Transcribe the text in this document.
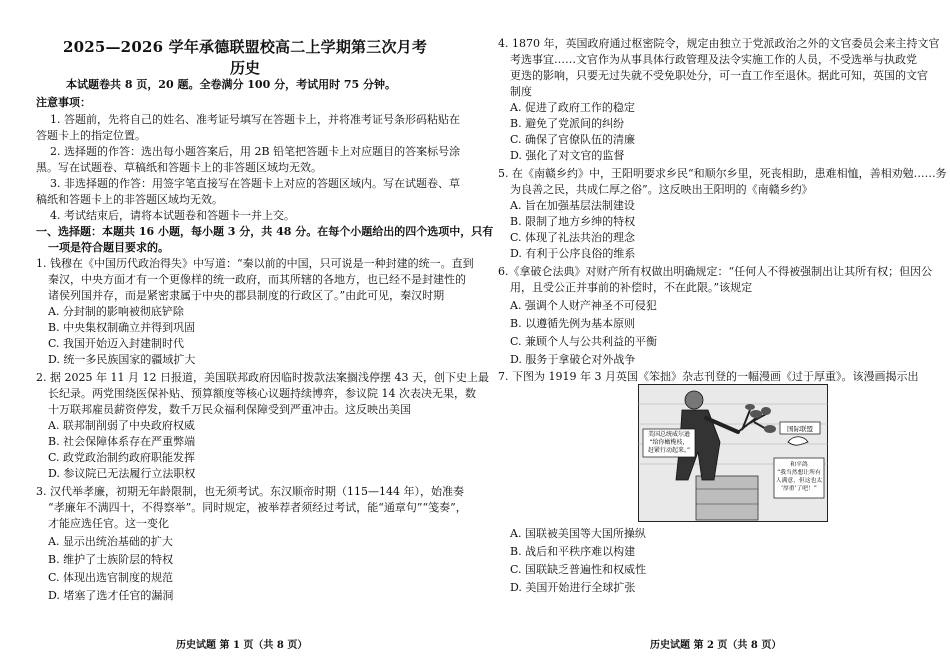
2025—2026 学年承德联盟校高二上学期第三次月考
历史
本试题卷共 8 页，20 题。全卷满分 100 分，考试用时 75 分钟。
注意事项：
1. 答题前，先将自己的姓名、准考证号填写在答题卡上，并将准考证号条形码粘贴在
答题卡上的指定位置。
2. 选择题的作答：选出每小题答案后，用 2B 铅笔把答题卡上对应题目的答案标号涂
黑。写在试题卷、草稿纸和答题卡上的非答题区域均无效。
3. 非选择题的作答：用签字笔直接写在答题卡上对应的答题区域内。写在试题卷、草
稿纸和答题卡上的非答题区域均无效。
4. 考试结束后，请将本试题卷和答题卡一并上交。
一、选择题：本题共 16 小题，每小题 3 分，共 48 分。在每个小题给出的四个选项中，只有
一项是符合题目要求的。
1. 钱穆在《中国历代政治得失》中写道：“秦以前的中国，只可说是一种封建的统一。直到
秦汉，中央方面才有一个更像样的统一政府，而其所辖的各地方，也已经不是封建性的
诸侯列国并存，而是紧密隶属于中央的郡县制度的行政区了。”由此可见，秦汉时期
A. 分封制的影响被彻底铲除
B. 中央集权制确立并得到巩固
C. 我国开始迈入封建制时代
D. 统一多民族国家的疆域扩大
2. 据 2025 年 11 月 12 日报道，美国联邦政府因临时拨款法案搁浅停摆 43 天，创下史上最
长纪录。两党围绕医保补贴、预算额度等核心议题持续博弈，参议院 14 次表决无果，数
十万联邦雇员薪资停发，数千万民众福利保障受到严重冲击。这反映出美国
A. 联邦制削弱了中央政府权威
B. 社会保障体系存在严重弊端
C. 政党政治制约政府职能发挥
D. 参议院已无法履行立法职权
3. 汉代举孝廉，初期无年龄限制，也无须考试。东汉顺帝时期（115—144 年），始准奏
“孝廉年不满四十，不得察举”。同时规定，被举荐者须经过考试，能“通章句”“笺奏”，
才能应选任官。这一变化
A. 显示出统治基础的扩大
B. 维护了士族阶层的特权
C. 体现出选官制度的规范
D. 堵塞了选才任官的漏洞
4. 1870 年，英国政府通过枢密院令，规定由独立于党派政治之外的文官委员会来主持文官
考选事宜……文官作为从事具体行政管理及法令实施工作的人员，不受选举与执政党
更迭的影响，只要无过失就不受免职处分，可一直工作至退休。据此可知，英国的文官
制度
A. 促进了政府工作的稳定
B. 避免了党派间的纠纷
C. 确保了官僚队伍的清廉
D. 强化了对文官的监督
5. 在《南赣乡约》中，王阳明要求乡民“和顺尔乡里，死丧相助，患难相恤，善相劝勉……务
为良善之民，共成仁厚之俗”。这反映出王阳明的《南赣乡约》
A. 旨在加强基层法制建设
B. 限制了地方乡绅的特权
C. 体现了礼法共治的理念
D. 有利于公序良俗的维系
6.《拿破仑法典》对财产所有权做出明确规定：“任何人不得被强制出让其所有权；但因公
用，且受公正并事前的补偿时，不在此限。”该规定
A. 强调个人财产神圣不可侵犯
B. 以遵循先例为基本原则
C. 兼顾个人与公共利益的平衡
D. 服务于拿破仑对外战争
7. 下图为 1919 年 3 月英国《笨拙》杂志刊登的一幅漫画《过于厚重》。该漫画揭示出
A. 国联被美国等大国所操纵
B. 战后和平秩序难以构建
C. 国联缺乏普遍性和权威性
D. 美国开始进行全球扩张
美国总统威尔逊
“给你橄榄枝，
赶紧行动起来。”
国际联盟
和平鸽
“我当然想让所有
人满意，但这也太
‘厚重’了吧！”
历史试题 第 1 页（共 8 页）	历史试题 第 2 页（共 8 页）
